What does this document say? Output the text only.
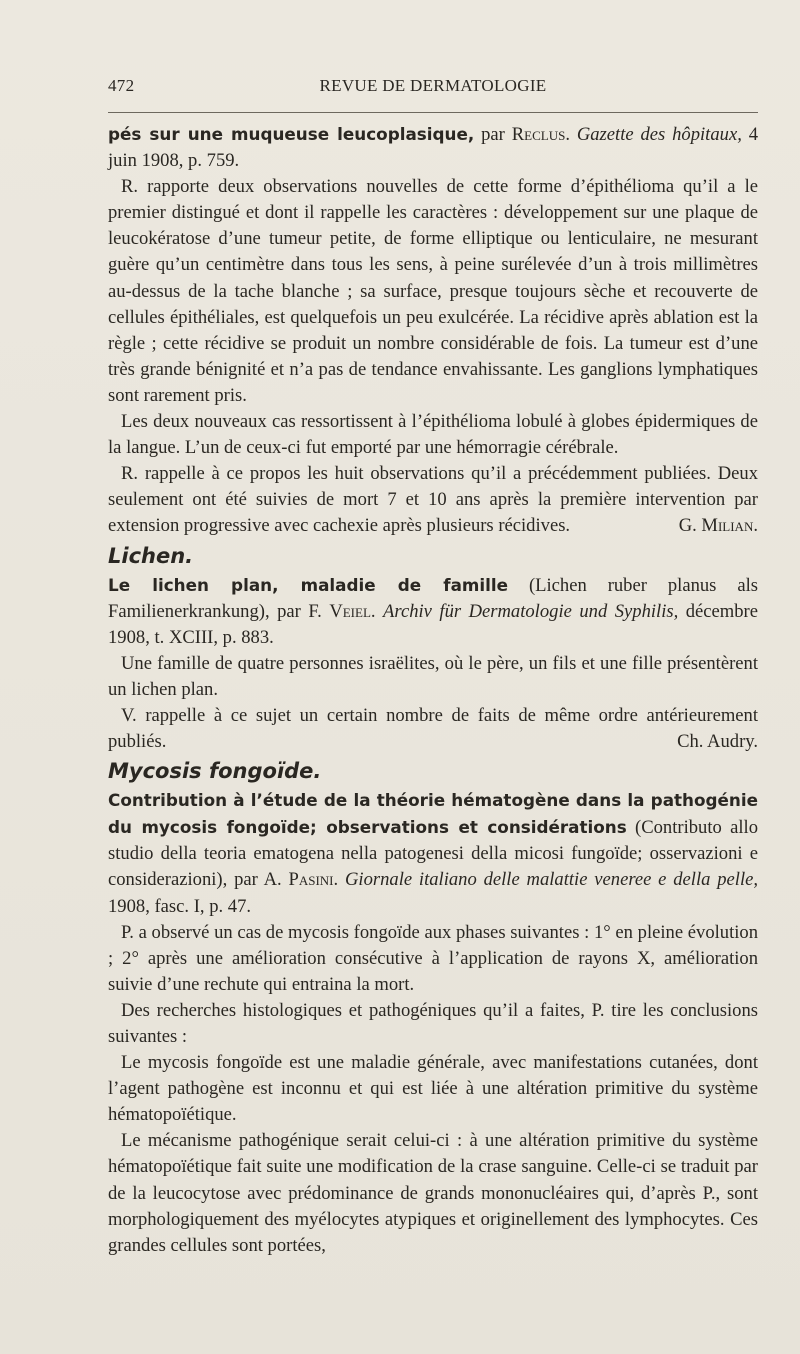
472	REVUE DE DERMATOLOGIE

pés sur une muqueuse leucoplasique, par Reclus. Gazette des hôpitaux, 4 juin 1908, p. 759.

R. rapporte deux observations nouvelles de cette forme d’épithélioma qu’il a le premier distingué et dont il rappelle les caractères : développement sur une plaque de leucokératose d’une tumeur petite, de forme elliptique ou lenticulaire, ne mesurant guère qu’un centimètre dans tous les sens, à peine surélevée d’un à trois millimètres au-dessus de la tache blanche ; sa surface, presque toujours sèche et recouverte de cellules épithéliales, est quelquefois un peu exulcérée. La récidive après ablation est la règle ; cette récidive se produit un nombre considérable de fois. La tumeur est d’une très grande bénignité et n’a pas de tendance envahissante. Les ganglions lymphatiques sont rarement pris.

Les deux nouveaux cas ressortissent à l’épithélioma lobulé à globes épidermiques de la langue. L’un de ceux-ci fut emporté par une hémorragie cérébrale.

R. rappelle à ce propos les huit observations qu’il a précédemment publiées. Deux seulement ont été suivies de mort 7 et 10 ans après la première intervention par extension progressive avec cachexie après plusieurs récidives.	G. Milian.

Lichen.

Le lichen plan, maladie de famille (Lichen ruber planus als Familienerkrankung), par F. Veiel. Archiv für Dermatologie und Syphilis, décembre 1908, t. XCIII, p. 883.

Une famille de quatre personnes israëlites, où le père, un fils et une fille présentèrent un lichen plan.

V. rappelle à ce sujet un certain nombre de faits de même ordre antérieurement publiés.	Ch. Audry.

Mycosis fongoïde.

Contribution à l’étude de la théorie hématogène dans la pathogénie du mycosis fongoïde; observations et considérations (Contributo allo studio della teoria ematogena nella patogenesi della micosi fungoïde; osservazioni e considerazioni), par A. Pasini. Giornale italiano delle malattie veneree e della pelle, 1908, fasc. I, p. 47.

P. a observé un cas de mycosis fongoïde aux phases suivantes : 1° en pleine évolution ; 2° après une amélioration consécutive à l’application de rayons X, amélioration suivie d’une rechute qui entraina la mort.

Des recherches histologiques et pathogéniques qu’il a faites, P. tire les conclusions suivantes :

Le mycosis fongoïde est une maladie générale, avec manifestations cutanées, dont l’agent pathogène est inconnu et qui est liée à une altération primitive du système hématopoïétique.

Le mécanisme pathogénique serait celui-ci : à une altération primitive du système hématopoïétique fait suite une modification de la crase sanguine. Celle-ci se traduit par de la leucocytose avec prédominance de grands mononucléaires qui, d’après P., sont morphologiquement des myélocytes atypiques et originellement des lymphocytes. Ces grandes cellules sont portées,
